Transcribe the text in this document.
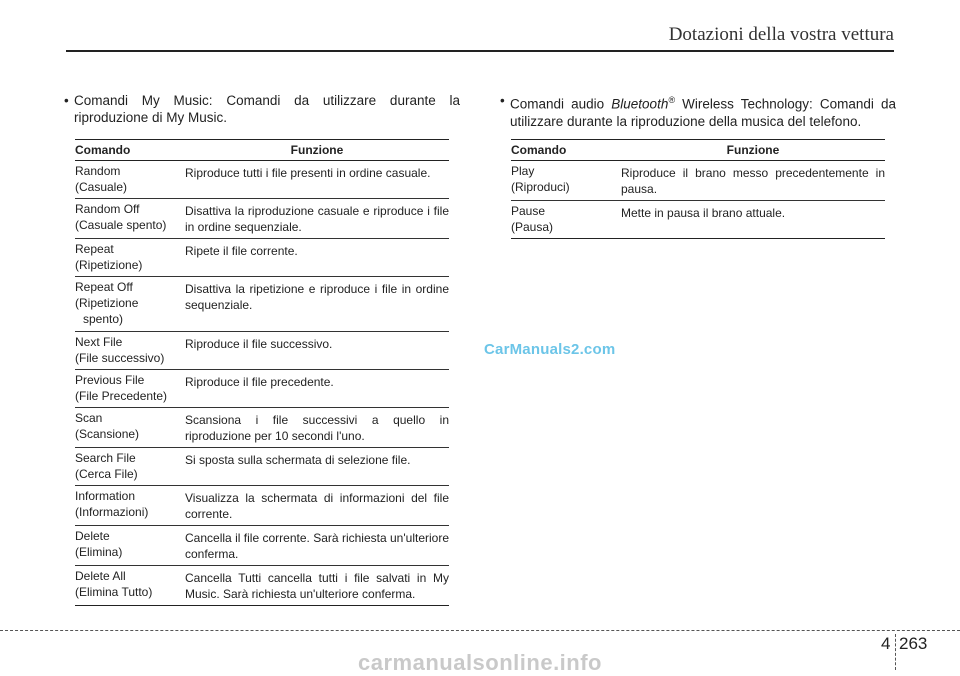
Dotazioni della vostra vettura
• Comandi My Music: Comandi da utilizzare durante la riproduzione di My Music.
Comando	Funzione
Random
(Casuale)	Riproduce tutti i file presenti in ordine casuale.
Random Off
(Casuale spento)	Disattiva la riproduzione casuale e riproduce i file in ordine sequenziale.
Repeat
(Ripetizione)	Ripete il file corrente.
Repeat Off
(Ripetizione
spento)	Disattiva la ripetizione e riproduce i file in ordine sequenziale.
Next File
(File successivo)	Riproduce il file successivo.
Previous File
(File Precedente)	Riproduce il file precedente.
Scan
(Scansione)	Scansiona i file successivi a quello in riproduzione per 10 secondi l'uno.
Search File
(Cerca File)	Si sposta sulla schermata di selezione file.
Information
(Informazioni)	Visualizza la schermata di informazioni del file corrente.
Delete
(Elimina)	Cancella il file corrente. Sarà richiesta un'ulteriore conferma.
Delete All
(Elimina Tutto)	Cancella Tutti cancella tutti i file salvati in My Music. Sarà richiesta un'ulteriore conferma.
• Comandi audio Bluetooth® Wireless Technology: Comandi da utilizzare durante la riproduzione della musica del telefono.
Comando	Funzione
Play
(Riproduci)	Riproduce il brano messo precedentemente in pausa.
Pause
(Pausa)	Mette in pausa il brano attuale.
CarManuals2.com
4 263
carmanualsonline.info
